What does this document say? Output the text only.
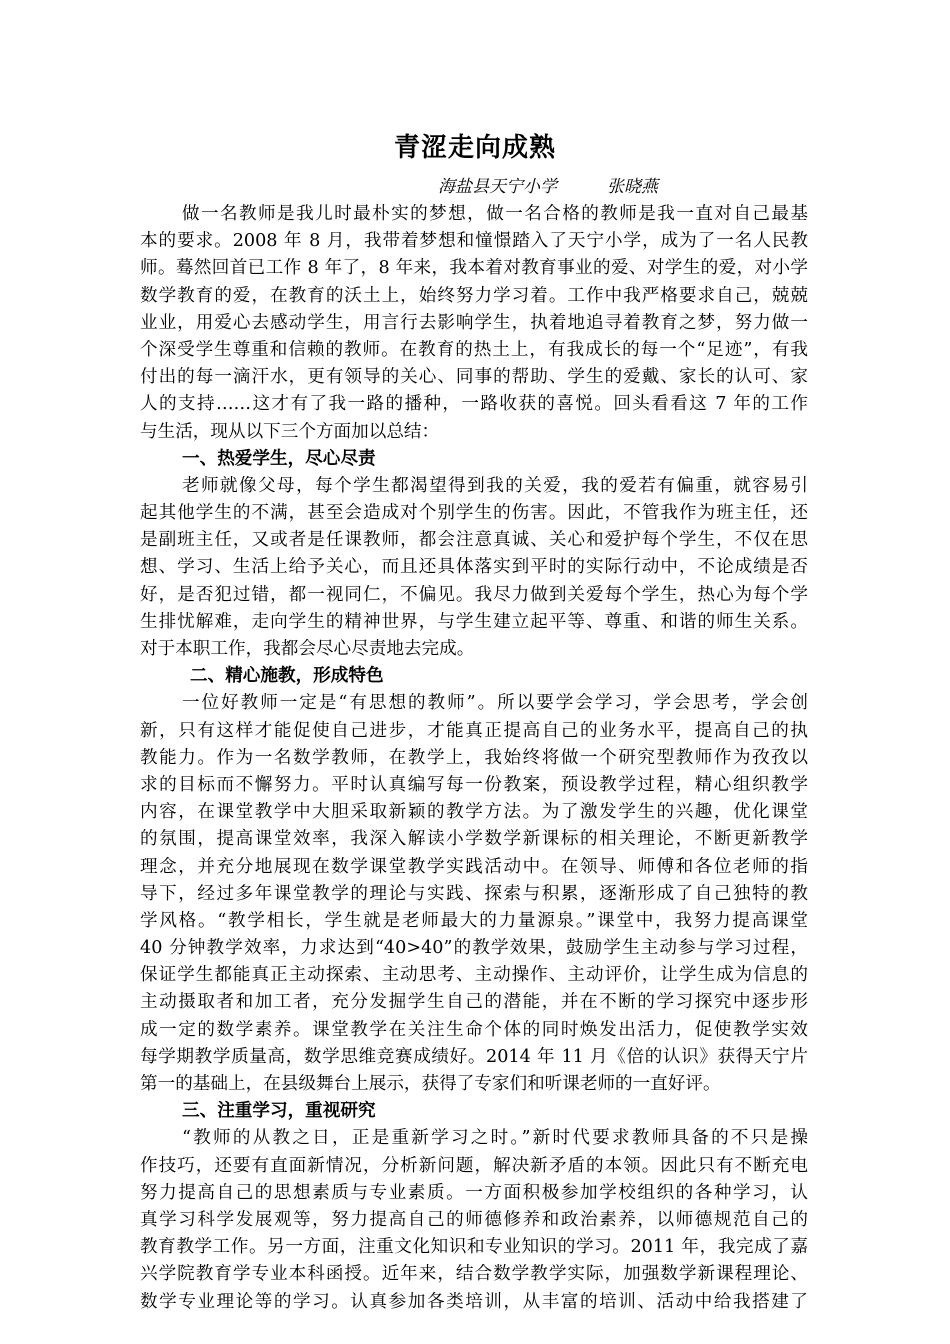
青涩走向成熟
海盐县天宁小学	张晓燕
做一名教师是我儿时最朴实的梦想，做一名合格的教师是我一直对自己最基
本的要求。2008 年 8 月，我带着梦想和憧憬踏入了天宁小学，成为了一名人民教
师。蓦然回首已工作 8 年了，8 年来，我本着对教育事业的爱、对学生的爱，对小学
数学教育的爱，在教育的沃土上，始终努力学习着。工作中我严格要求自己，兢兢
业业，用爱心去感动学生，用言行去影响学生，执着地追寻着教育之梦，努力做一
个深受学生尊重和信赖的教师。在教育的热土上，有我成长的每一个“足迹”，有我
付出的每一滴汗水，更有领导的关心、同事的帮助、学生的爱戴、家长的认可、家
人的支持……这才有了我一路的播种，一路收获的喜悦。回头看看这 7 年的工作
与生活，现从以下三个方面加以总结：
一、热爱学生，尽心尽责
老师就像父母，每个学生都渴望得到我的关爱，我的爱若有偏重，就容易引
起其他学生的不满，甚至会造成对个别学生的伤害。因此，不管我作为班主任，还
是副班主任，又或者是任课教师，都会注意真诚、关心和爱护每个学生，不仅在思
想、学习、生活上给予关心，而且还具体落实到平时的实际行动中，不论成绩是否
好，是否犯过错，都一视同仁，不偏见。我尽力做到关爱每个学生，热心为每个学
生排忧解难，走向学生的精神世界，与学生建立起平等、尊重、和谐的师生关系。
对于本职工作，我都会尽心尽责地去完成。
二、精心施教，形成特色
一位好教师一定是“有思想的教师”。所以要学会学习，学会思考，学会创
新，只有这样才能促使自己进步，才能真正提高自己的业务水平，提高自己的执
教能力。作为一名数学教师，在教学上，我始终将做一个研究型教师作为孜孜以
求的目标而不懈努力。平时认真编写每一份教案，预设教学过程，精心组织教学
内容，在课堂教学中大胆采取新颖的教学方法。为了激发学生的兴趣，优化课堂
的氛围，提高课堂效率，我深入解读小学数学新课标的相关理论，不断更新教学
理念，并充分地展现在数学课堂教学实践活动中。在领导、师傅和各位老师的指
导下，经过多年课堂教学的理论与实践、探索与积累，逐渐形成了自己独特的教
学风格。“教学相长，学生就是老师最大的力量源泉。”课堂中，我努力提高课堂
40 分钟教学效率，力求达到“40>40”的教学效果，鼓励学生主动参与学习过程，
保证学生都能真正主动探索、主动思考、主动操作、主动评价，让学生成为信息的
主动摄取者和加工者，充分发掘学生自己的潜能，并在不断的学习探究中逐步形
成一定的数学素养。课堂教学在关注生命个体的同时焕发出活力，促使教学实效
每学期教学质量高，数学思维竞赛成绩好。2014 年 11 月《倍的认识》获得天宁片
第一的基础上，在县级舞台上展示，获得了专家们和听课老师的一直好评。
三、注重学习，重视研究
“教师的从教之日，正是重新学习之时。”新时代要求教师具备的不只是操
作技巧，还要有直面新情况，分析新问题，解决新矛盾的本领。因此只有不断充电
努力提高自己的思想素质与专业素质。一方面积极参加学校组织的各种学习，认
真学习科学发展观等，努力提高自己的师德修养和政治素养，以师德规范自己的
教育教学工作。另一方面，注重文化知识和专业知识的学习。2011 年，我完成了嘉
兴学院教育学专业本科函授。近年来，结合数学教学实际，加强数学新课程理论、
数学专业理论等的学习。认真参加各类培训，从丰富的培训、活动中给我搭建了
